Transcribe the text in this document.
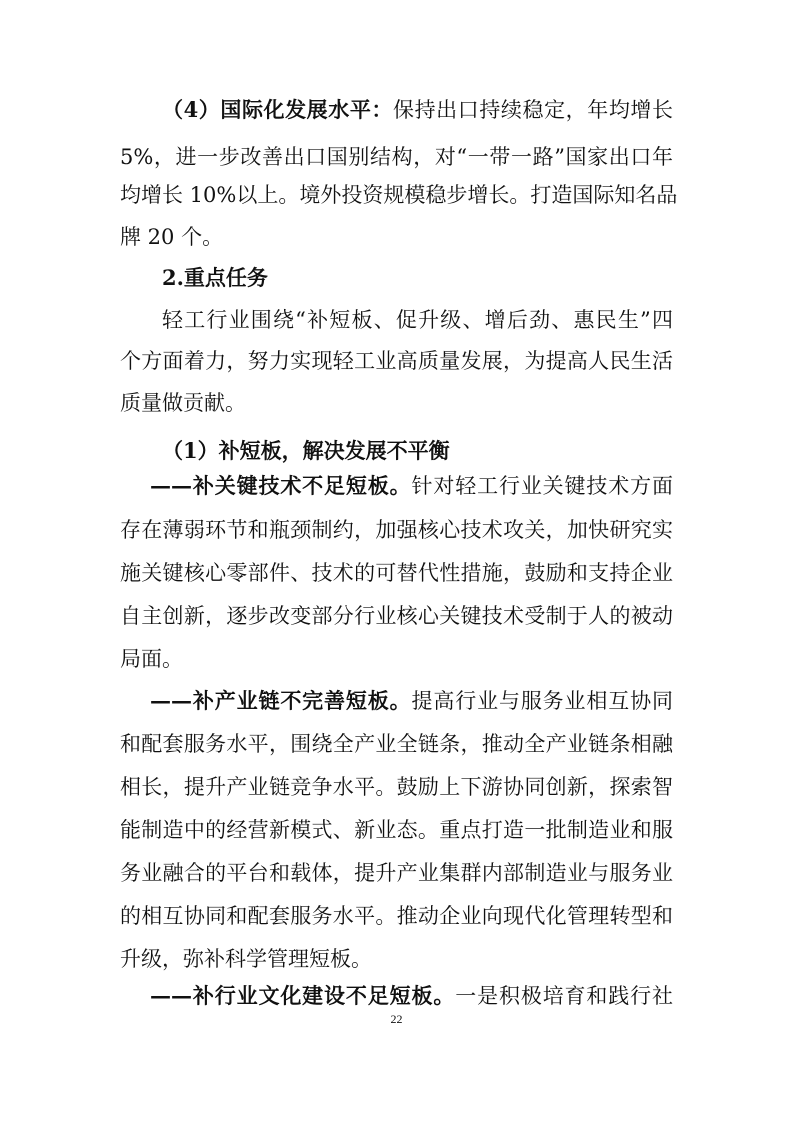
（4）国际化发展水平：保持出口持续稳定，年均增长
5%，进一步改善出口国别结构，对“一带一路”国家出口年
均增长 10%以上。境外投资规模稳步增长。打造国际知名品
牌 20 个。
2.重点任务
轻工行业围绕“补短板、促升级、增后劲、惠民生”四
个方面着力，努力实现轻工业高质量发展，为提高人民生活
质量做贡献。
（1）补短板，解决发展不平衡
——补关键技术不足短板。针对轻工行业关键技术方面
存在薄弱环节和瓶颈制约，加强核心技术攻关，加快研究实
施关键核心零部件、技术的可替代性措施，鼓励和支持企业
自主创新，逐步改变部分行业核心关键技术受制于人的被动
局面。
——补产业链不完善短板。提高行业与服务业相互协同
和配套服务水平，围绕全产业全链条，推动全产业链条相融
相长，提升产业链竞争水平。鼓励上下游协同创新，探索智
能制造中的经营新模式、新业态。重点打造一批制造业和服
务业融合的平台和载体，提升产业集群内部制造业与服务业
的相互协同和配套服务水平。推动企业向现代化管理转型和
升级，弥补科学管理短板。
——补行业文化建设不足短板。一是积极培育和践行社
22
